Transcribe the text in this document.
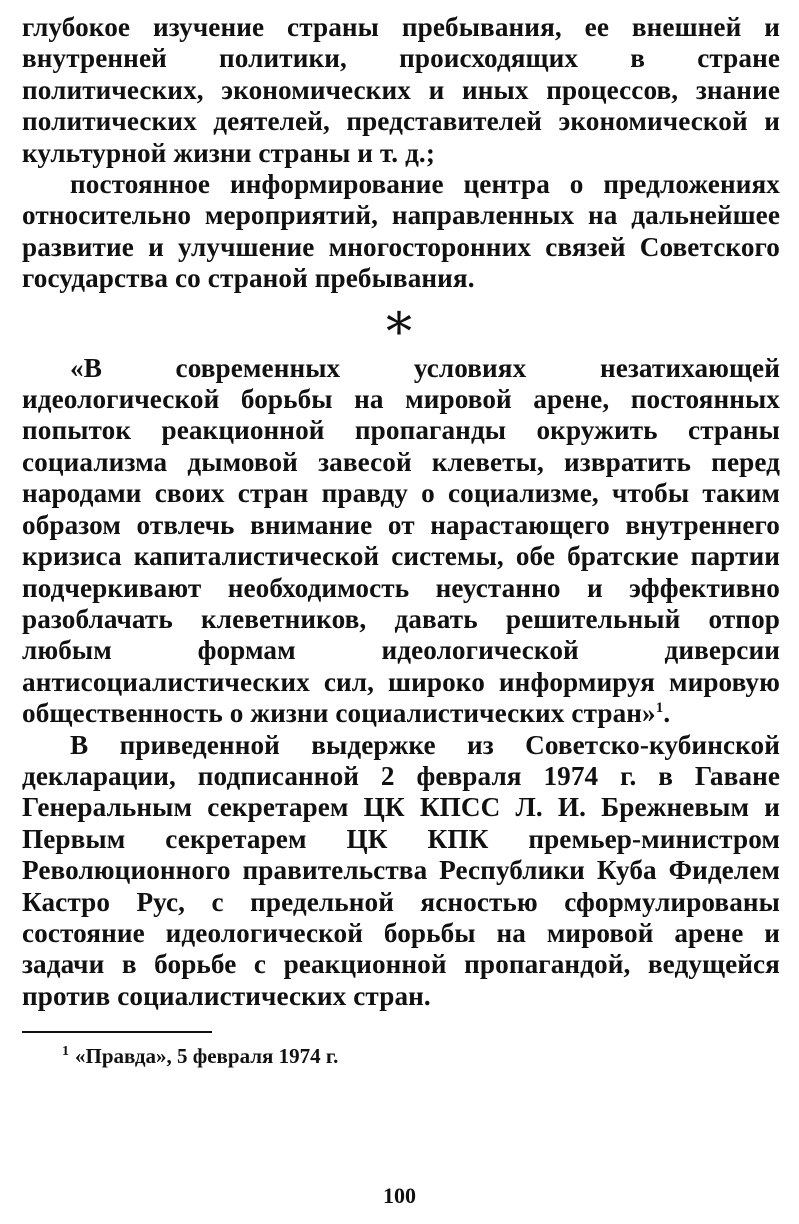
глубокое изучение страны пребывания, ее внешней и внутренней политики, происходящих в стране политических, экономических и иных процессов, знание политических деятелей, представителей экономической и культурной жизни страны и т. д.;

постоянное информирование центра о предложениях относительно мероприятий, направленных на дальнейшее развитие и улучшение многосторонних связей Советского государства со страной пребывания.

∗

«В современных условиях незатихающей идеологической борьбы на мировой арене, постоянных попыток реакционной пропаганды окружить страны социализма дымовой завесой клеветы, извратить перед народами своих стран правду о социализме, чтобы таким образом отвлечь внимание от нарастающего внутреннего кризиса капиталистической системы, обе братские партии подчеркивают необходимость неустанно и эффективно разоблачать клеветников, давать решительный отпор любым формам идеологической диверсии антисоциалистических сил, широко информируя мировую общественность о жизни социалистических стран»$^1$.

В приведенной выдержке из Советско-кубинской декларации, подписанной 2 февраля 1974 г. в Гаване Генеральным секретарем ЦК КПСС Л. И. Брежневым и Первым секретарем ЦК КПК премьер-министром Революционного правительства Республики Куба Фиделем Кастро Рус, с предельной ясностью сформулированы состояние идеологической борьбы на мировой арене и задачи в борьбе с реакционной пропагандой, ведущейся против социалистических стран.

$^1$ «Правда», 5 февраля 1974 г.

100
